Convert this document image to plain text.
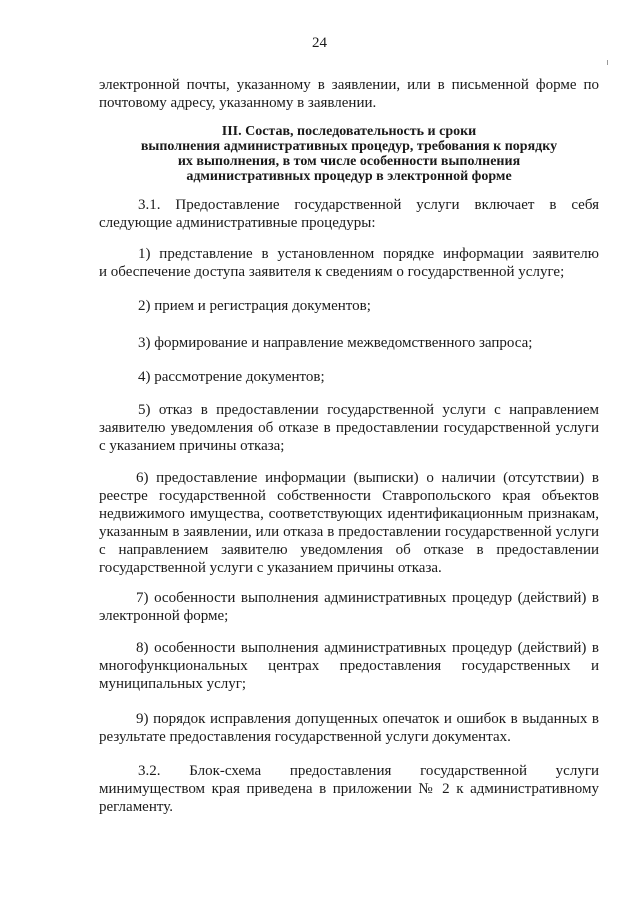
24
электронной почты, указанному в заявлении, или в письменной форме по
почтовому адресу, указанному в заявлении.
III. Состав, последовательность и сроки
выполнения административных процедур, требования к порядку
их выполнения, в том числе особенности выполнения
административных процедур в электронной форме
3.1. Предоставление государственной услуги включает в себя
следующие административные процедуры:
1) представление в установленном порядке информации заявителю
и обеспечение доступа заявителя к сведениям о государственной услуге;
2) прием и регистрация документов;
3) формирование и направление межведомственного запроса;
4) рассмотрение документов;
5) отказ в предоставлении государственной услуги с направлением
заявителю уведомления об отказе в предоставлении государственной услуги
с указанием причины отказа;
6) предоставление информации (выписки) о наличии (отсутствии) в
реестре государственной собственности Ставропольского края объектов
недвижимого имущества, соответствующих идентификационным признакам,
указанным в заявлении, или отказа в предоставлении государственной услуги
с направлением заявителю уведомления об отказе в предоставлении
государственной услуги с указанием причины отказа.
7) особенности выполнения административных процедур (действий) в
электронной форме;
8) особенности выполнения административных процедур (действий) в
многофункциональных центрах предоставления государственных и
муниципальных услуг;
9) порядок исправления допущенных опечаток и ошибок в выданных в
результате предоставления государственной услуги документах.
3.2. Блок-схема предоставления государственной услуги
минимуществом края приведена в приложении № 2 к административному
регламенту.
